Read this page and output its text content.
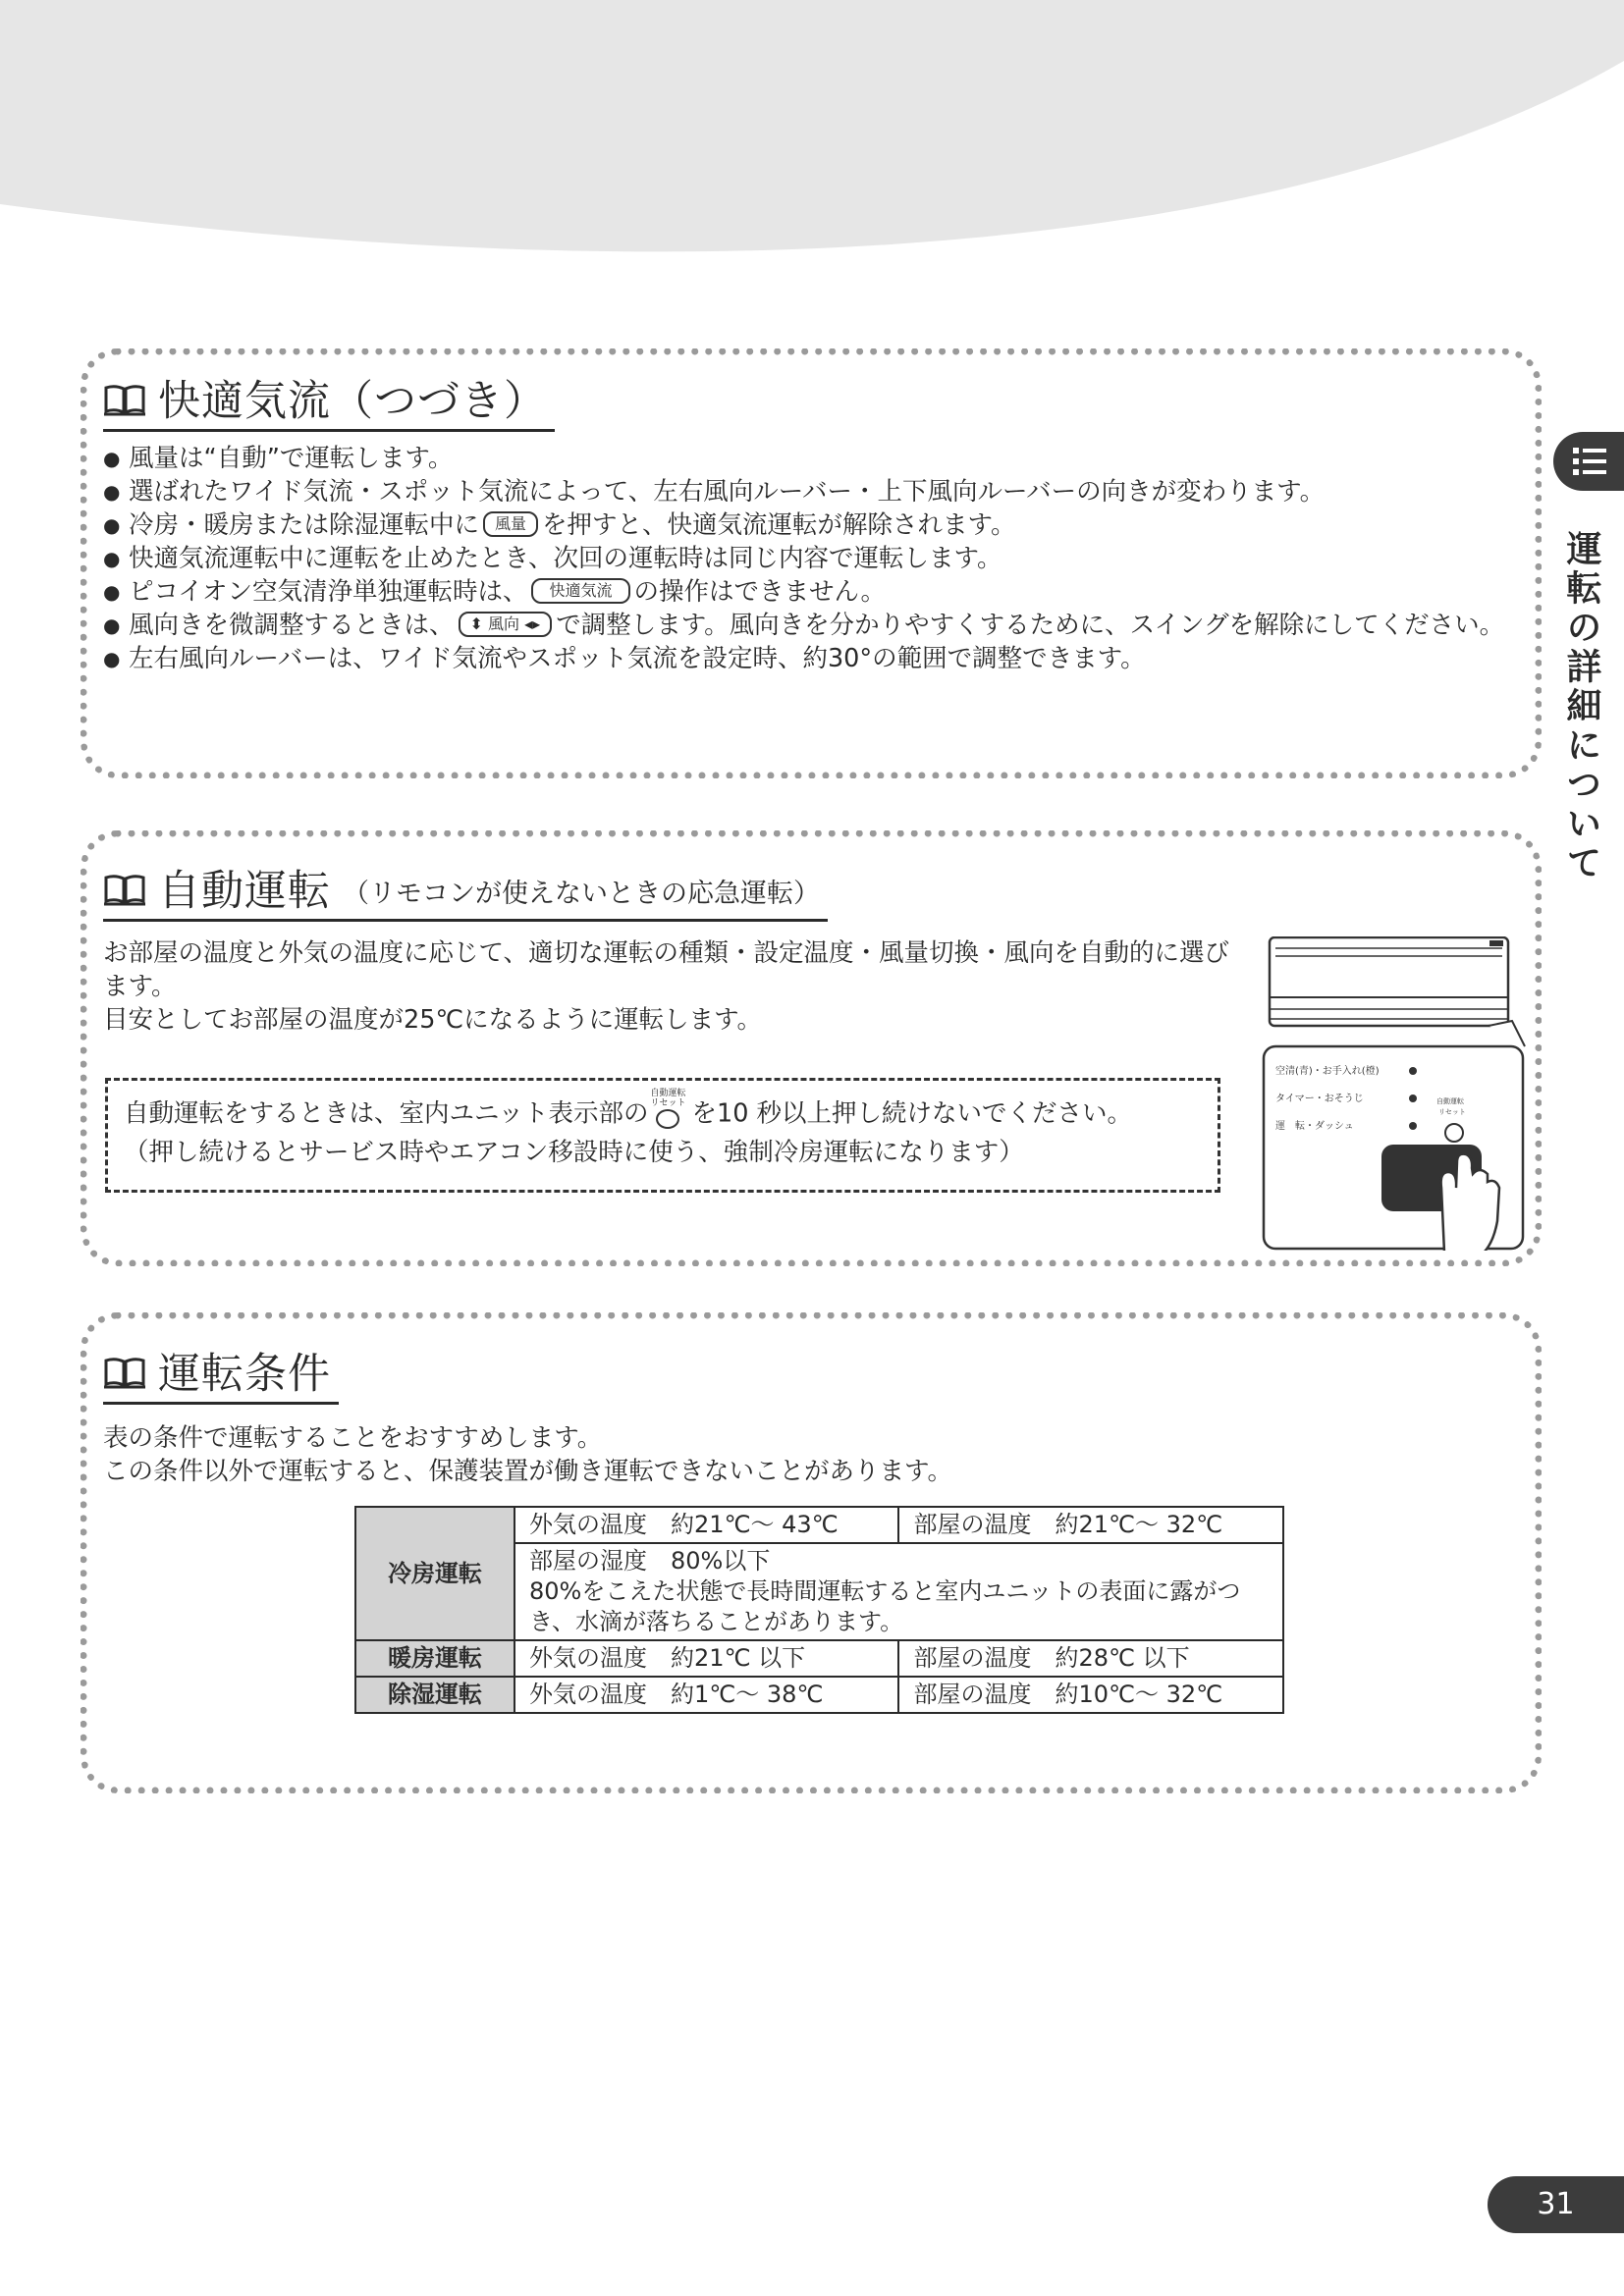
快適気流（つづき）
● 風量は“自動”で運転します。
● 選ばれたワイド気流・スポット気流によって、左右風向ルーバー・上下風向ルーバーの向きが変わります。
● 冷房・暖房または除湿運転中に 風量 を押すと、快適気流運転が解除されます。
● 快適気流運転中に運転を止めたとき、次回の運転時は同じ内容で運転します。
● ピコイオン空気清浄単独運転時は、 快適気流 の操作はできません。
● 風向きを微調整するときは、 ⬍ 風向 ◂▸ で調整します。風向きを分かりやすくするために、スイングを解除にしてください。
● 左右風向ルーバーは、ワイド気流やスポット気流を設定時、約30°の範囲で調整できます。
自動運転 （リモコンが使えないときの応急運転）
お部屋の温度と外気の温度に応じて、適切な運転の種類・設定温度・風量切換・風向を自動的に選びます。
目安としてお部屋の温度が25℃になるように運転します。
自動運転をするときは、室内ユニット表示部の
自動運転
リセット を10 秒以上押し続けないでください。
（押し続けるとサービス時やエアコン移設時に使う、強制冷房運転になります）
空清(青)・お手入れ(橙)
タイマー・おそうじ
運　転・ダッシュ
自動運転
リセット
運転条件
表の条件で運転することをおすすめします。
この条件以外で運転すると、保護装置が働き運転できないことがあります。
冷房運転	外気の温度　約21℃～ 43℃	部屋の温度　約21℃～ 32℃
	部屋の湿度　80%以下
80%をこえた状態で長時間運転すると室内ユニットの表面に露がつき、水滴が落ちることがあります。	
暖房運転	外気の温度　約21℃ 以下	部屋の温度　約28℃ 以下
除湿運転	外気の温度　約1℃～ 38℃	部屋の温度　約10℃～ 32℃
運転の詳細について
31
